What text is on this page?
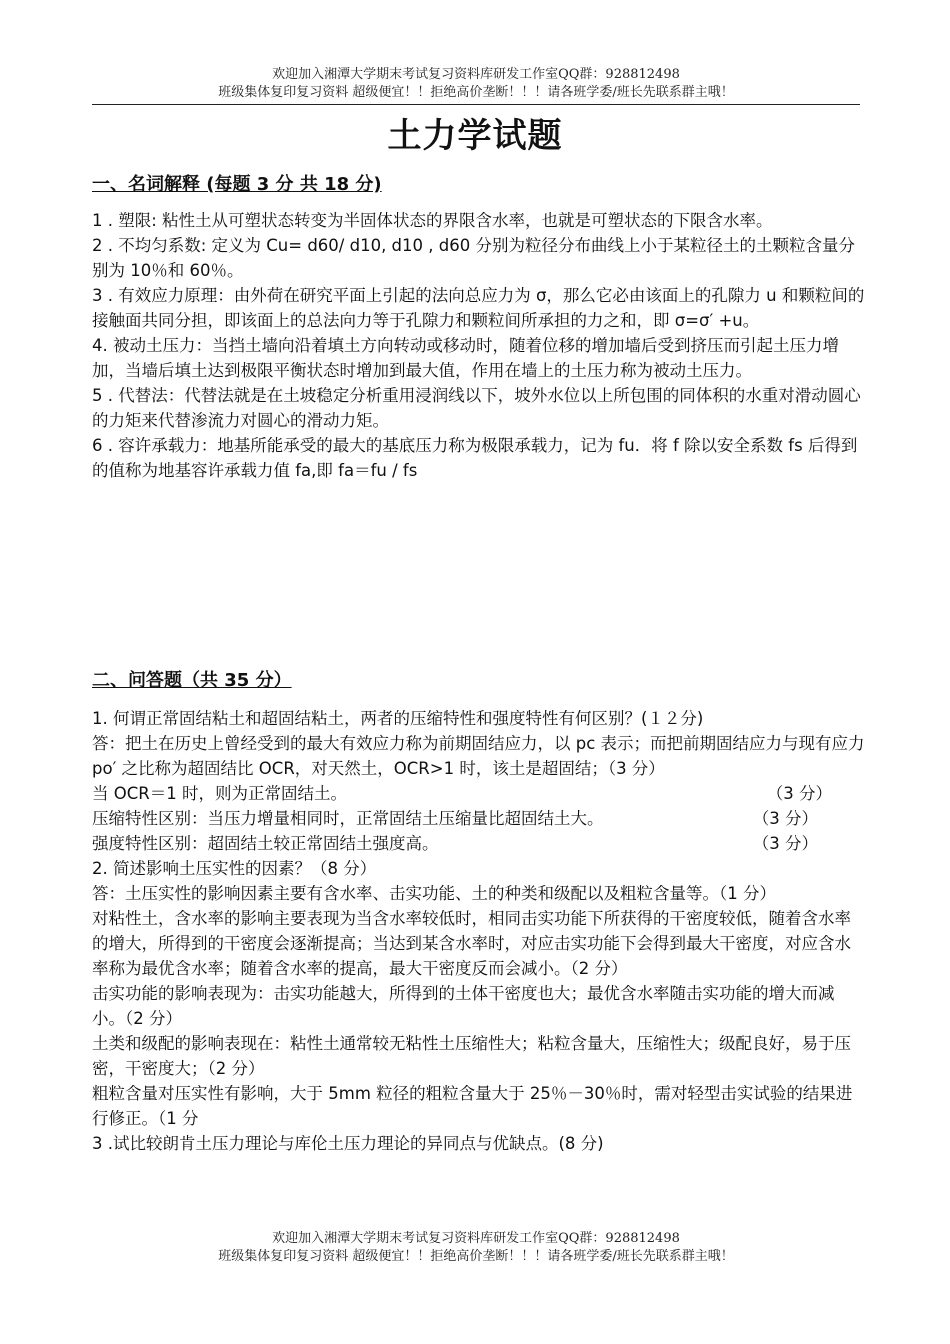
欢迎加入湘潭大学期末考试复习资料库研发工作室QQ群：928812498
班级集体复印复习资料 超级便宜！！拒绝高价垄断！！！请各班学委/班长先联系群主哦！
土力学试题
一、名词解释 (每题 3 分 共 18 分)

1 . 塑限: 粘性土从可塑状态转变为半固体状态的界限含水率，也就是可塑状态的下限含水率。

2 . 不均匀系数: 定义为 Cu= d60/ d10, d10 , d60 分别为粒径分布曲线上小于某粒径土的土颗粒含量分别为 10％和 60％。

3 . 有效应力原理：由外荷在研究平面上引起的法向总应力为 σ，那么它必由该面上的孔隙力 u 和颗粒间的接触面共同分担，即该面上的总法向力等于孔隙力和颗粒间所承担的力之和，即 σ=σ′ +u。

4. 被动土压力：当挡土墙向沿着填土方向转动或移动时，随着位移的增加墙后受到挤压而引起土压力增加，当墙后填土达到极限平衡状态时增加到最大值，作用在墙上的土压力称为被动土压力。

5 . 代替法：代替法就是在土坡稳定分析重用浸润线以下，坡外水位以上所包围的同体积的水重对滑动圆心的力矩来代替渗流力对圆心的滑动力矩。

6 . 容许承载力：地基所能承受的最大的基底压力称为极限承载力，记为 fu．将 f 除以安全系数 fs 后得到的值称为地基容许承载力值 fa,即 fa＝fu / fs

二、问答题（共 35 分）

1. 何谓正常固结粘土和超固结粘土，两者的压缩特性和强度特性有何区别？(１２分)

答：把土在历史上曾经受到的最大有效应力称为前期固结应力，以 pc 表示；而把前期固结应力与现有应力 po′ 之比称为超固结比 OCR，对天然土，OCR>1 时，该土是超固结；（3 分）

当 OCR＝1 时，则为正常固结土。	（3 分）
压缩特性区别：当压力增量相同时，正常固结土压缩量比超固结土大。	（3 分）
强度特性区别：超固结土较正常固结土强度高。	（3 分）

2. 简述影响土压实性的因素？（8 分）

答：土压实性的影响因素主要有含水率、击实功能、土的种类和级配以及粗粒含量等。（1 分）

对粘性土，含水率的影响主要表现为当含水率较低时，相同击实功能下所获得的干密度较低，随着含水率的增大，所得到的干密度会逐渐提高；当达到某含水率时，对应击实功能下会得到最大干密度，对应含水率称为最优含水率；随着含水率的提高，最大干密度反而会减小。（2 分）

击实功能的影响表现为：击实功能越大，所得到的土体干密度也大；最优含水率随击实功能的增大而减小。（2 分）

土类和级配的影响表现在：粘性土通常较无粘性土压缩性大；粘粒含量大，压缩性大；级配良好，易于压密，干密度大；（2 分）

粗粒含量对压实性有影响，大于 5mm 粒径的粗粒含量大于 25％－30％时，需对轻型击实试验的结果进行修正。（1 分

3 .试比较朗肯土压力理论与库伦土压力理论的异同点与优缺点。(8 分)

欢迎加入湘潭大学期末考试复习资料库研发工作室QQ群：928812498
班级集体复印复习资料 超级便宜！！拒绝高价垄断！！！请各班学委/班长先联系群主哦！
